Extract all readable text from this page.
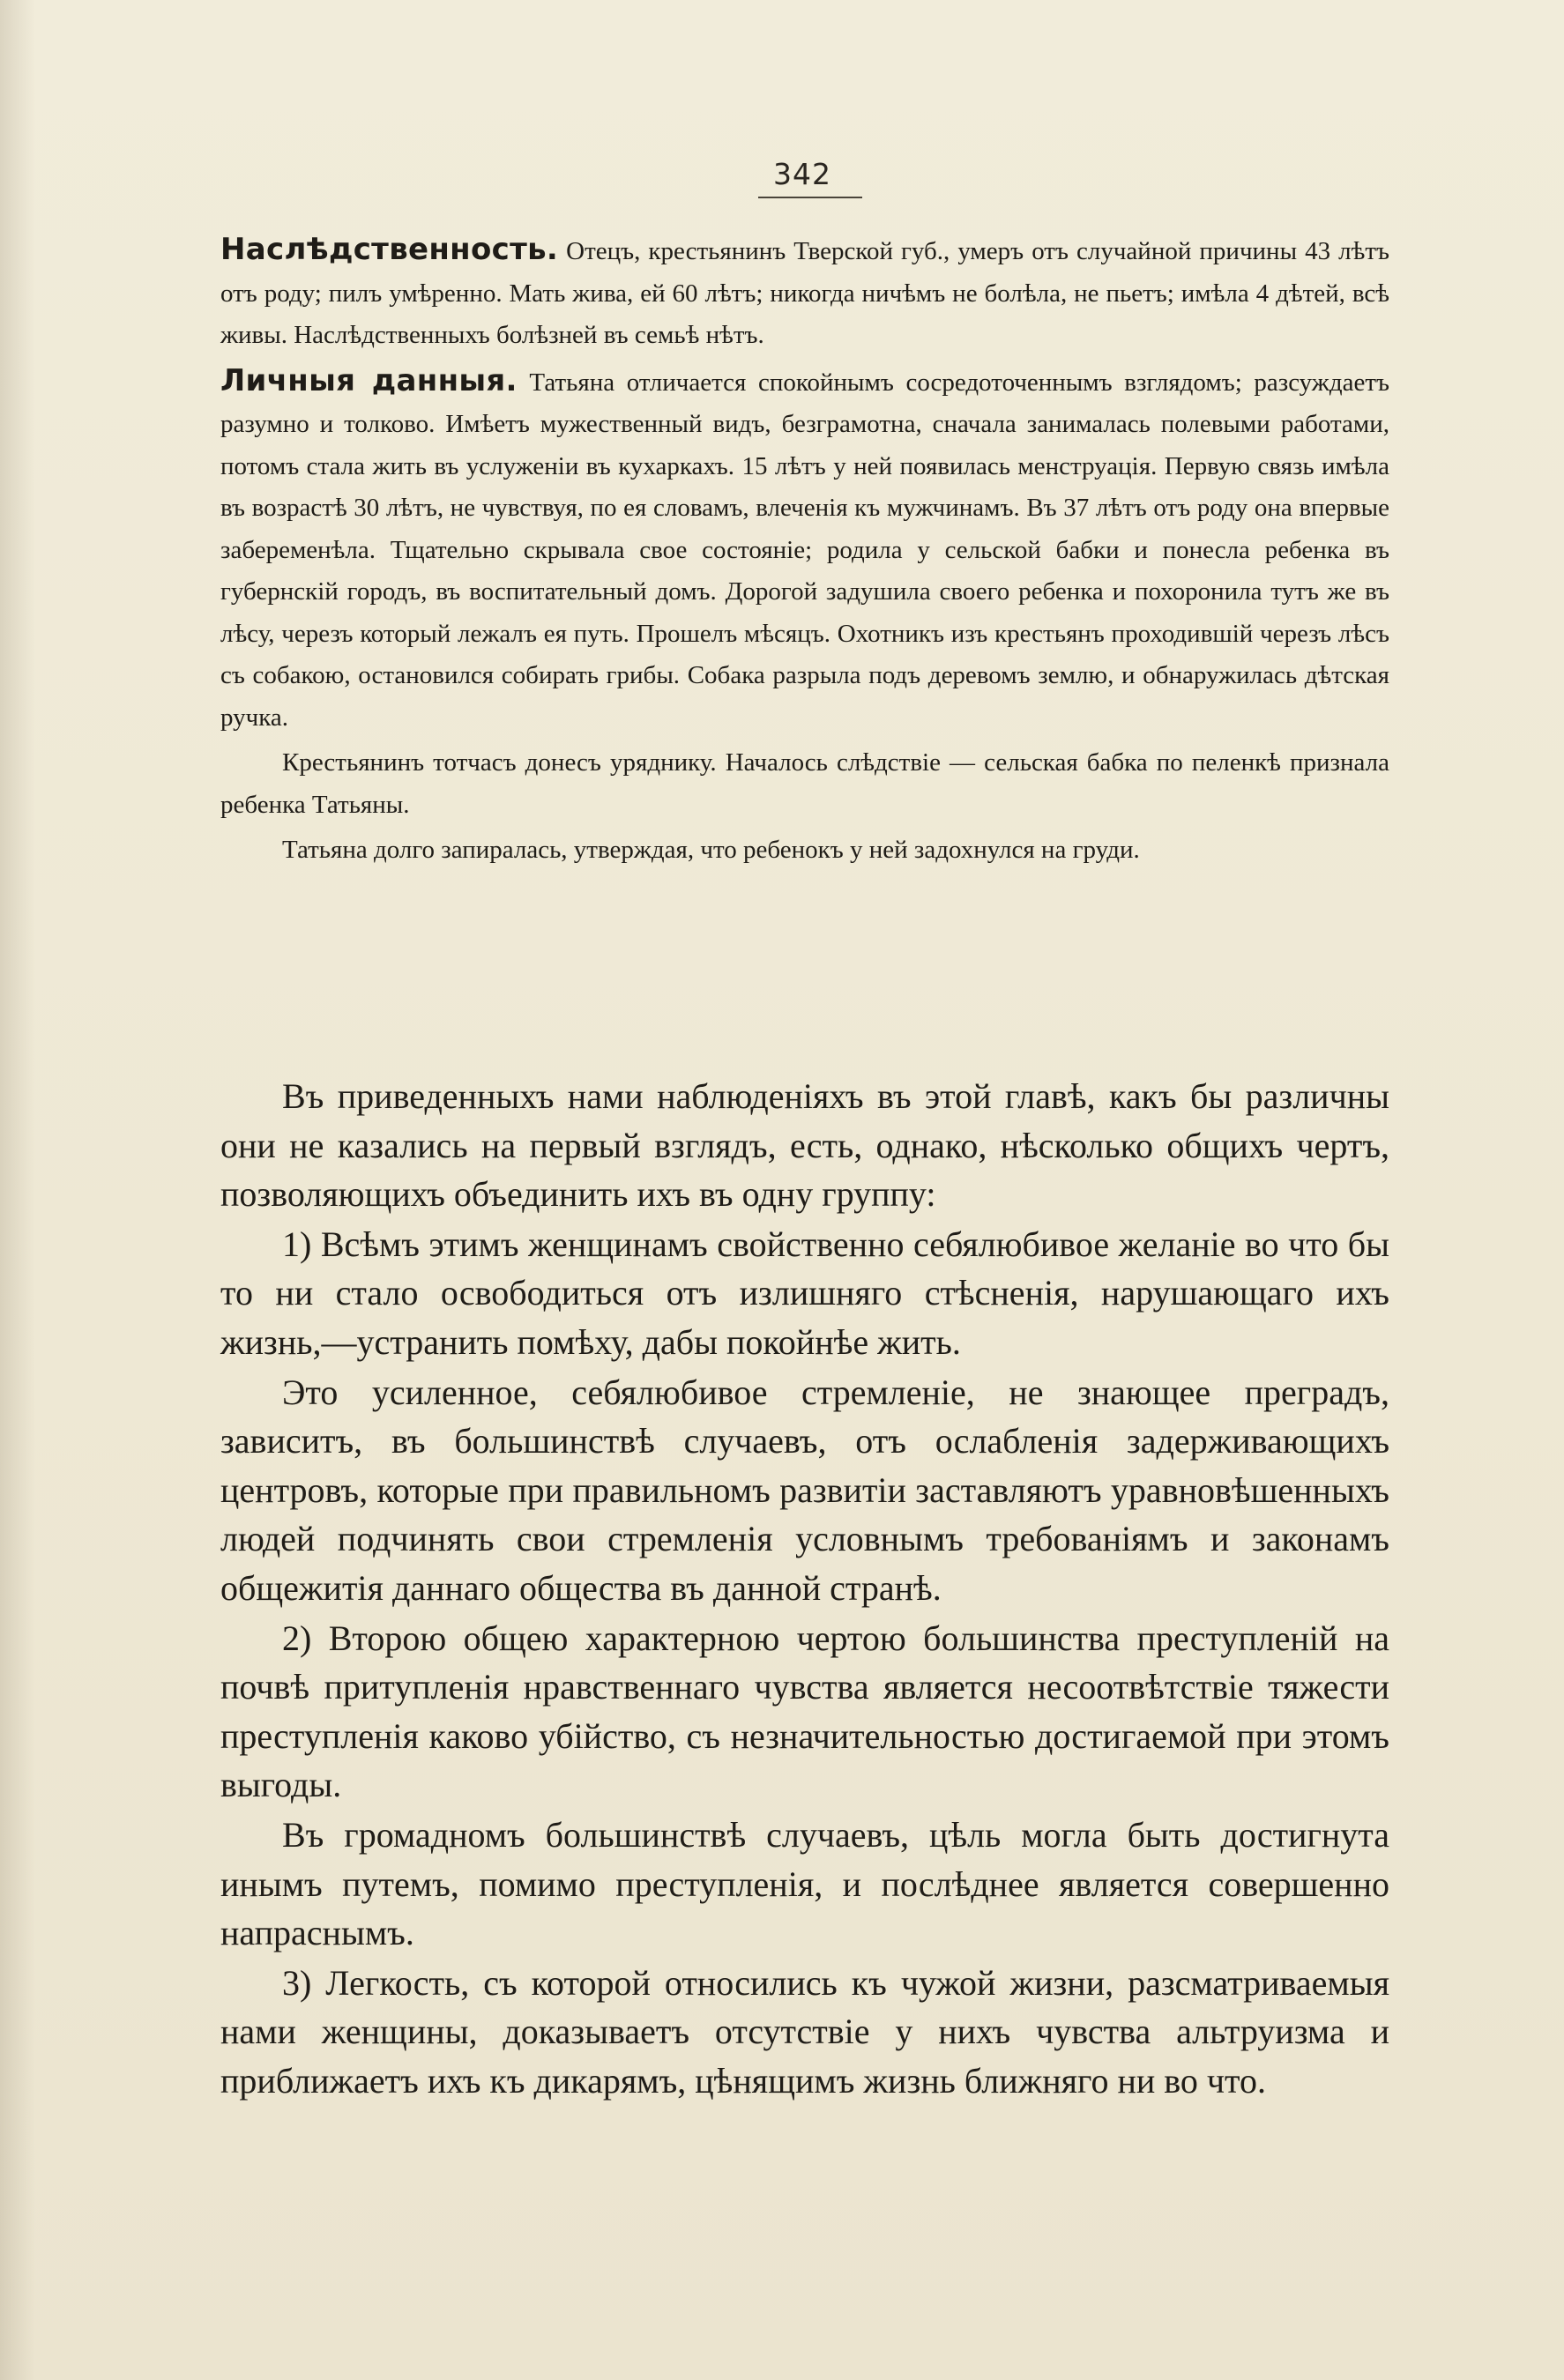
342

Наслѣдственность. Отецъ, крестьянинъ Тверской губ., умеръ отъ случайной причины 43 лѣтъ отъ роду; пилъ умѣренно. Мать жива, ей 60 лѣтъ; никогда ничѣмъ не болѣла, не пьетъ; имѣла 4 дѣтей, всѣ живы. Наслѣдственныхъ болѣзней въ семьѣ нѣтъ.

Личныя данныя. Татьяна отличается спокойнымъ сосредоточеннымъ взглядомъ; разсуждаетъ разумно и толково. Имѣетъ мужественный видъ, безграмотна, сначала занималась полевыми работами, потомъ стала жить въ услуженіи въ кухаркахъ. 15 лѣтъ у ней появилась менструація. Первую связь имѣла въ возрастѣ 30 лѣтъ, не чувствуя, по ея словамъ, влеченія къ мужчинамъ. Въ 37 лѣтъ отъ роду она впервые забеременѣла. Тщательно скрывала свое состояніе; родила у сельской бабки и понесла ребенка въ губернскій городъ, въ воспитательный домъ. Дорогой задушила своего ребенка и похоронила тутъ же въ лѣсу, черезъ который лежалъ ея путь. Прошелъ мѣсяцъ. Охотникъ изъ крестьянъ проходившій черезъ лѣсъ съ собакою, остановился собирать грибы. Собака разрыла подъ деревомъ землю, и обнаружилась дѣтская ручка.

Крестьянинъ тотчасъ донесъ уряднику. Началось слѣдствіе — сельская бабка по пеленкѣ признала ребенка Татьяны.

Татьяна долго запиралась, утверждая, что ребенокъ у ней задохнулся на груди.

Въ приведенныхъ нами наблюденіяхъ въ этой главѣ, какъ бы различны они не казались на первый взглядъ, есть, однако, нѣсколько общихъ чертъ, позволяющихъ объединить ихъ въ одну группу:

1) Всѣмъ этимъ женщинамъ свойственно себялюбивое желаніе во что бы то ни стало освободиться отъ излишняго стѣсненія, нарушающаго ихъ жизнь,—устранить помѣху, дабы покойнѣе жить.

Это усиленное, себялюбивое стремленіе, не знающее преградъ, зависитъ, въ большинствѣ случаевъ, отъ ослабленія задерживающихъ центровъ, которые при правильномъ развитіи заставляютъ уравновѣшенныхъ людей подчинять свои стремленія условнымъ требованіямъ и законамъ общежитія даннаго общества въ данной странѣ.

2) Второю общею характерною чертою большинства преступленій на почвѣ притупленія нравственнаго чувства является несоотвѣтствіе тяжести преступленія каково убійство, съ незначительностью достигаемой при этомъ выгоды.

Въ громадномъ большинствѣ случаевъ, цѣль могла быть достигнута инымъ путемъ, помимо преступленія, и послѣднее является совершенно напраснымъ.

3) Легкость, съ которой относились къ чужой жизни, разсматриваемыя нами женщины, доказываетъ отсутствіе у нихъ чувства альтруизма и приближаетъ ихъ къ дикарямъ, цѣнящимъ жизнь ближняго ни во что.
